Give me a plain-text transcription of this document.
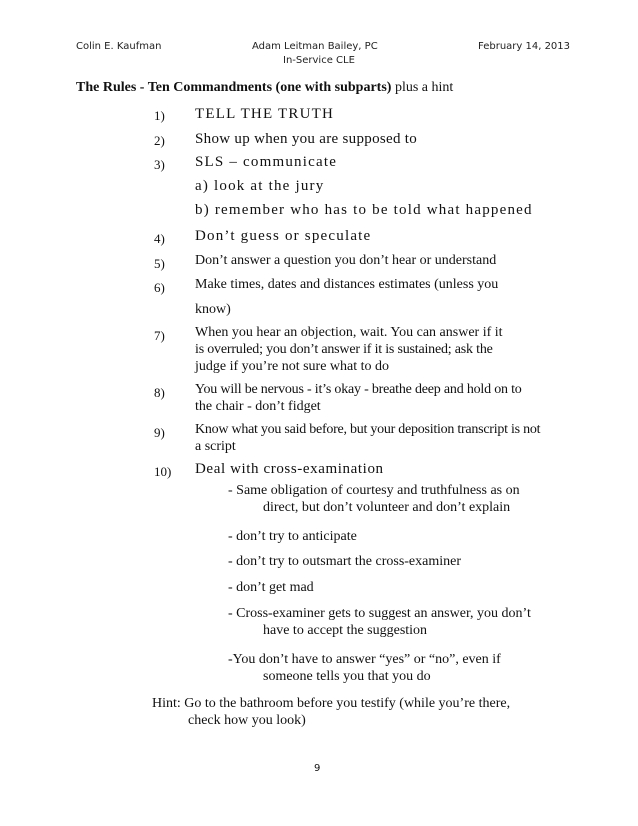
Colin E. Kaufman	Adam Leitman Bailey, PC
In-Service CLE
February 14, 2013
The Rules - Ten Commandments (one with subparts) plus a hint
1) TELL THE TRUTH
2) Show up when you are supposed to
3) SLS – communicate
a) look at the jury
b) remember who has to be told what happened
4) Don’t guess or speculate
5) Don’t answer a question you don’t hear or understand
6) Make times, dates and distances estimates (unless you
know)
7) When you hear an objection, wait. You can answer if it
is overruled; you don’t answer if it is sustained; ask the
judge if you’re not sure what to do
8) You will be nervous - it’s okay - breathe deep and hold on to
the chair - don’t fidget
9) Know what you said before, but your deposition transcript is not
a script
10) Deal with cross-examination
- Same obligation of courtesy and truthfulness as on
direct, but don’t volunteer and don’t explain
- don’t try to anticipate
- don’t try to outsmart the cross-examiner
- don’t get mad
- Cross-examiner gets to suggest an answer, you don’t
have to accept the suggestion
-You don’t have to answer “yes” or “no”, even if
someone tells you that you do
Hint: Go to the bathroom before you testify (while you’re there,
check how you look)
9
